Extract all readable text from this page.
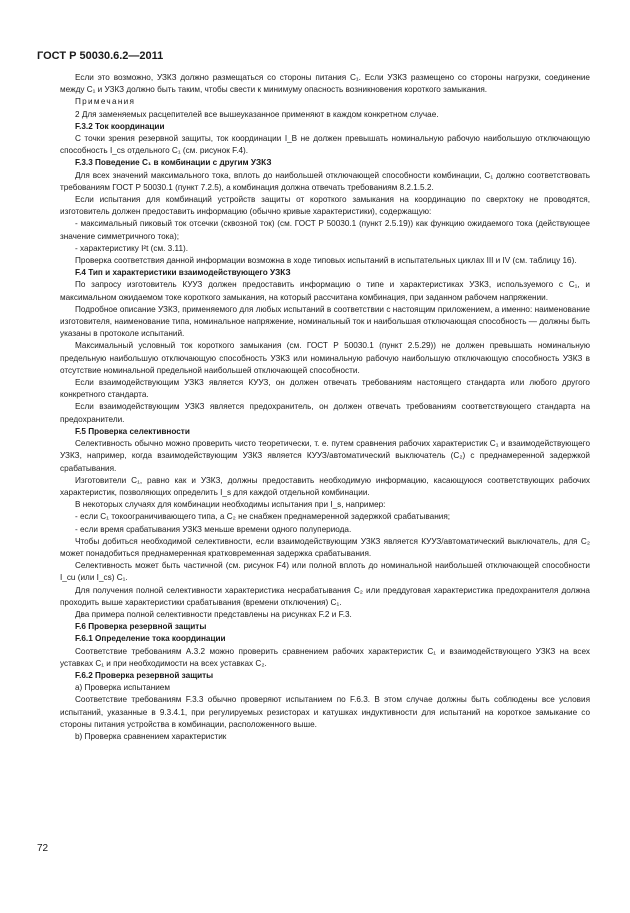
ГОСТ Р 50030.6.2—2011

Если это возможно, УЗКЗ должно размещаться со стороны питания C₁. Если УЗКЗ размещено со стороны нагрузки, соединение между C₁ и УЗКЗ должно быть таким, чтобы свести к минимуму опасность возникновения короткого замыкания.

Примечания

2 Для заменяемых расцепителей все вышеуказанное применяют в каждом конкретном случае.

F.3.2 Ток координации

С точки зрения резервной защиты, ток координации I_B не должен превышать номинальную рабочую наибольшую отключающую способность I_cs отдельного C₁ (см. рисунок F.4).

F.3.3 Поведение C₁ в комбинации с другим УЗКЗ

Для всех значений максимального тока, вплоть до наибольшей отключающей способности комбинации, C₁ должно соответствовать требованиям ГОСТ Р 50030.1 (пункт 7.2.5), а комбинация должна отвечать требованиям 8.2.1.5.2.

Если испытания для комбинаций устройств защиты от короткого замыкания на координацию по сверхтоку не проводятся, изготовитель должен предоставить информацию (обычно кривые характеристики), содержащую:

- максимальный пиковый ток отсечки (сквозной ток) (см. ГОСТ Р 50030.1 (пункт 2.5.19)) как функцию ожидаемого тока (действующее значение симметричного тока);

- характеристику I²t (см. 3.11).

Проверка соответствия данной информации возможна в ходе типовых испытаний в испытательных циклах III и IV (см. таблицу 16).

F.4 Тип и характеристики взаимодействующего УЗКЗ

По запросу изготовитель КУУЗ должен предоставить информацию о типе и характеристиках УЗКЗ, используемого с C₁, и максимальном ожидаемом токе короткого замыкания, на который рассчитана комбинация, при заданном рабочем напряжении.

Подробное описание УЗКЗ, применяемого для любых испытаний в соответствии с настоящим приложением, а именно: наименование изготовителя, наименование типа, номинальное напряжение, номинальный ток и наибольшая отключающая способность — должны быть указаны в протоколе испытаний.

Максимальный условный ток короткого замыкания (см. ГОСТ Р 50030.1 (пункт 2.5.29)) не должен превышать номинальную предельную наибольшую отключающую способность УЗКЗ или номинальную рабочую наибольшую отключающую способность УЗКЗ в отсутствие номинальной предельной наибольшей отключающей способности.

Если взаимодействующим УЗКЗ является КУУЗ, он должен отвечать требованиям настоящего стандарта или любого другого конкретного стандарта.

Если взаимодействующим УЗКЗ является предохранитель, он должен отвечать требованиям соответствующего стандарта на предохранители.

F.5 Проверка селективности

Селективность обычно можно проверить чисто теоретически, т. е. путем сравнения рабочих характеристик C₁ и взаимодействующего УЗКЗ, например, когда взаимодействующим УЗКЗ является КУУЗ/автоматический выключатель (C₂) с преднамеренной задержкой срабатывания.

Изготовители C₁, равно как и УЗКЗ, должны предоставить необходимую информацию, касающуюся соответствующих рабочих характеристик, позволяющих определить I_s для каждой отдельной комбинации.

В некоторых случаях для комбинации необходимы испытания при I_s, например:

- если C₁ токоограничивающего типа, а C₂ не снабжен преднамеренной задержкой срабатывания;

- если время срабатывания УЗКЗ меньше времени одного полупериода.

Чтобы добиться необходимой селективности, если взаимодействующим УЗКЗ является КУУЗ/автоматический выключатель, для C₂ может понадобиться преднамеренная кратковременная задержка срабатывания.

Селективность может быть частичной (см. рисунок F4) или полной вплоть до номинальной наибольшей отключающей способности I_cu (или I_cs) C₁.

Для получения полной селективности характеристика несрабатывания C₂ или преддуговая характеристика предохранителя должна проходить выше характеристики срабатывания (времени отключения) C₁.

Два примера полной селективности представлены на рисунках F.2 и F.3.

F.6 Проверка резервной защиты
F.6.1 Определение тока координации

Соответствие требованиям А.3.2 можно проверить сравнением рабочих характеристик C₁ и взаимодействующего УЗКЗ на всех уставках C₁ и при необходимости на всех уставках C₂.

F.6.2 Проверка резервной защиты

а) Проверка испытанием

Соответствие требованиям F.3.3 обычно проверяют испытанием по F.6.3. В этом случае должны быть соблюдены все условия испытаний, указанные в 9.3.4.1, при регулируемых резисторах и катушках индуктивности для испытаний на короткое замыкание со стороны питания устройства в комбинации, расположенного выше.

b) Проверка сравнением характеристик

72
